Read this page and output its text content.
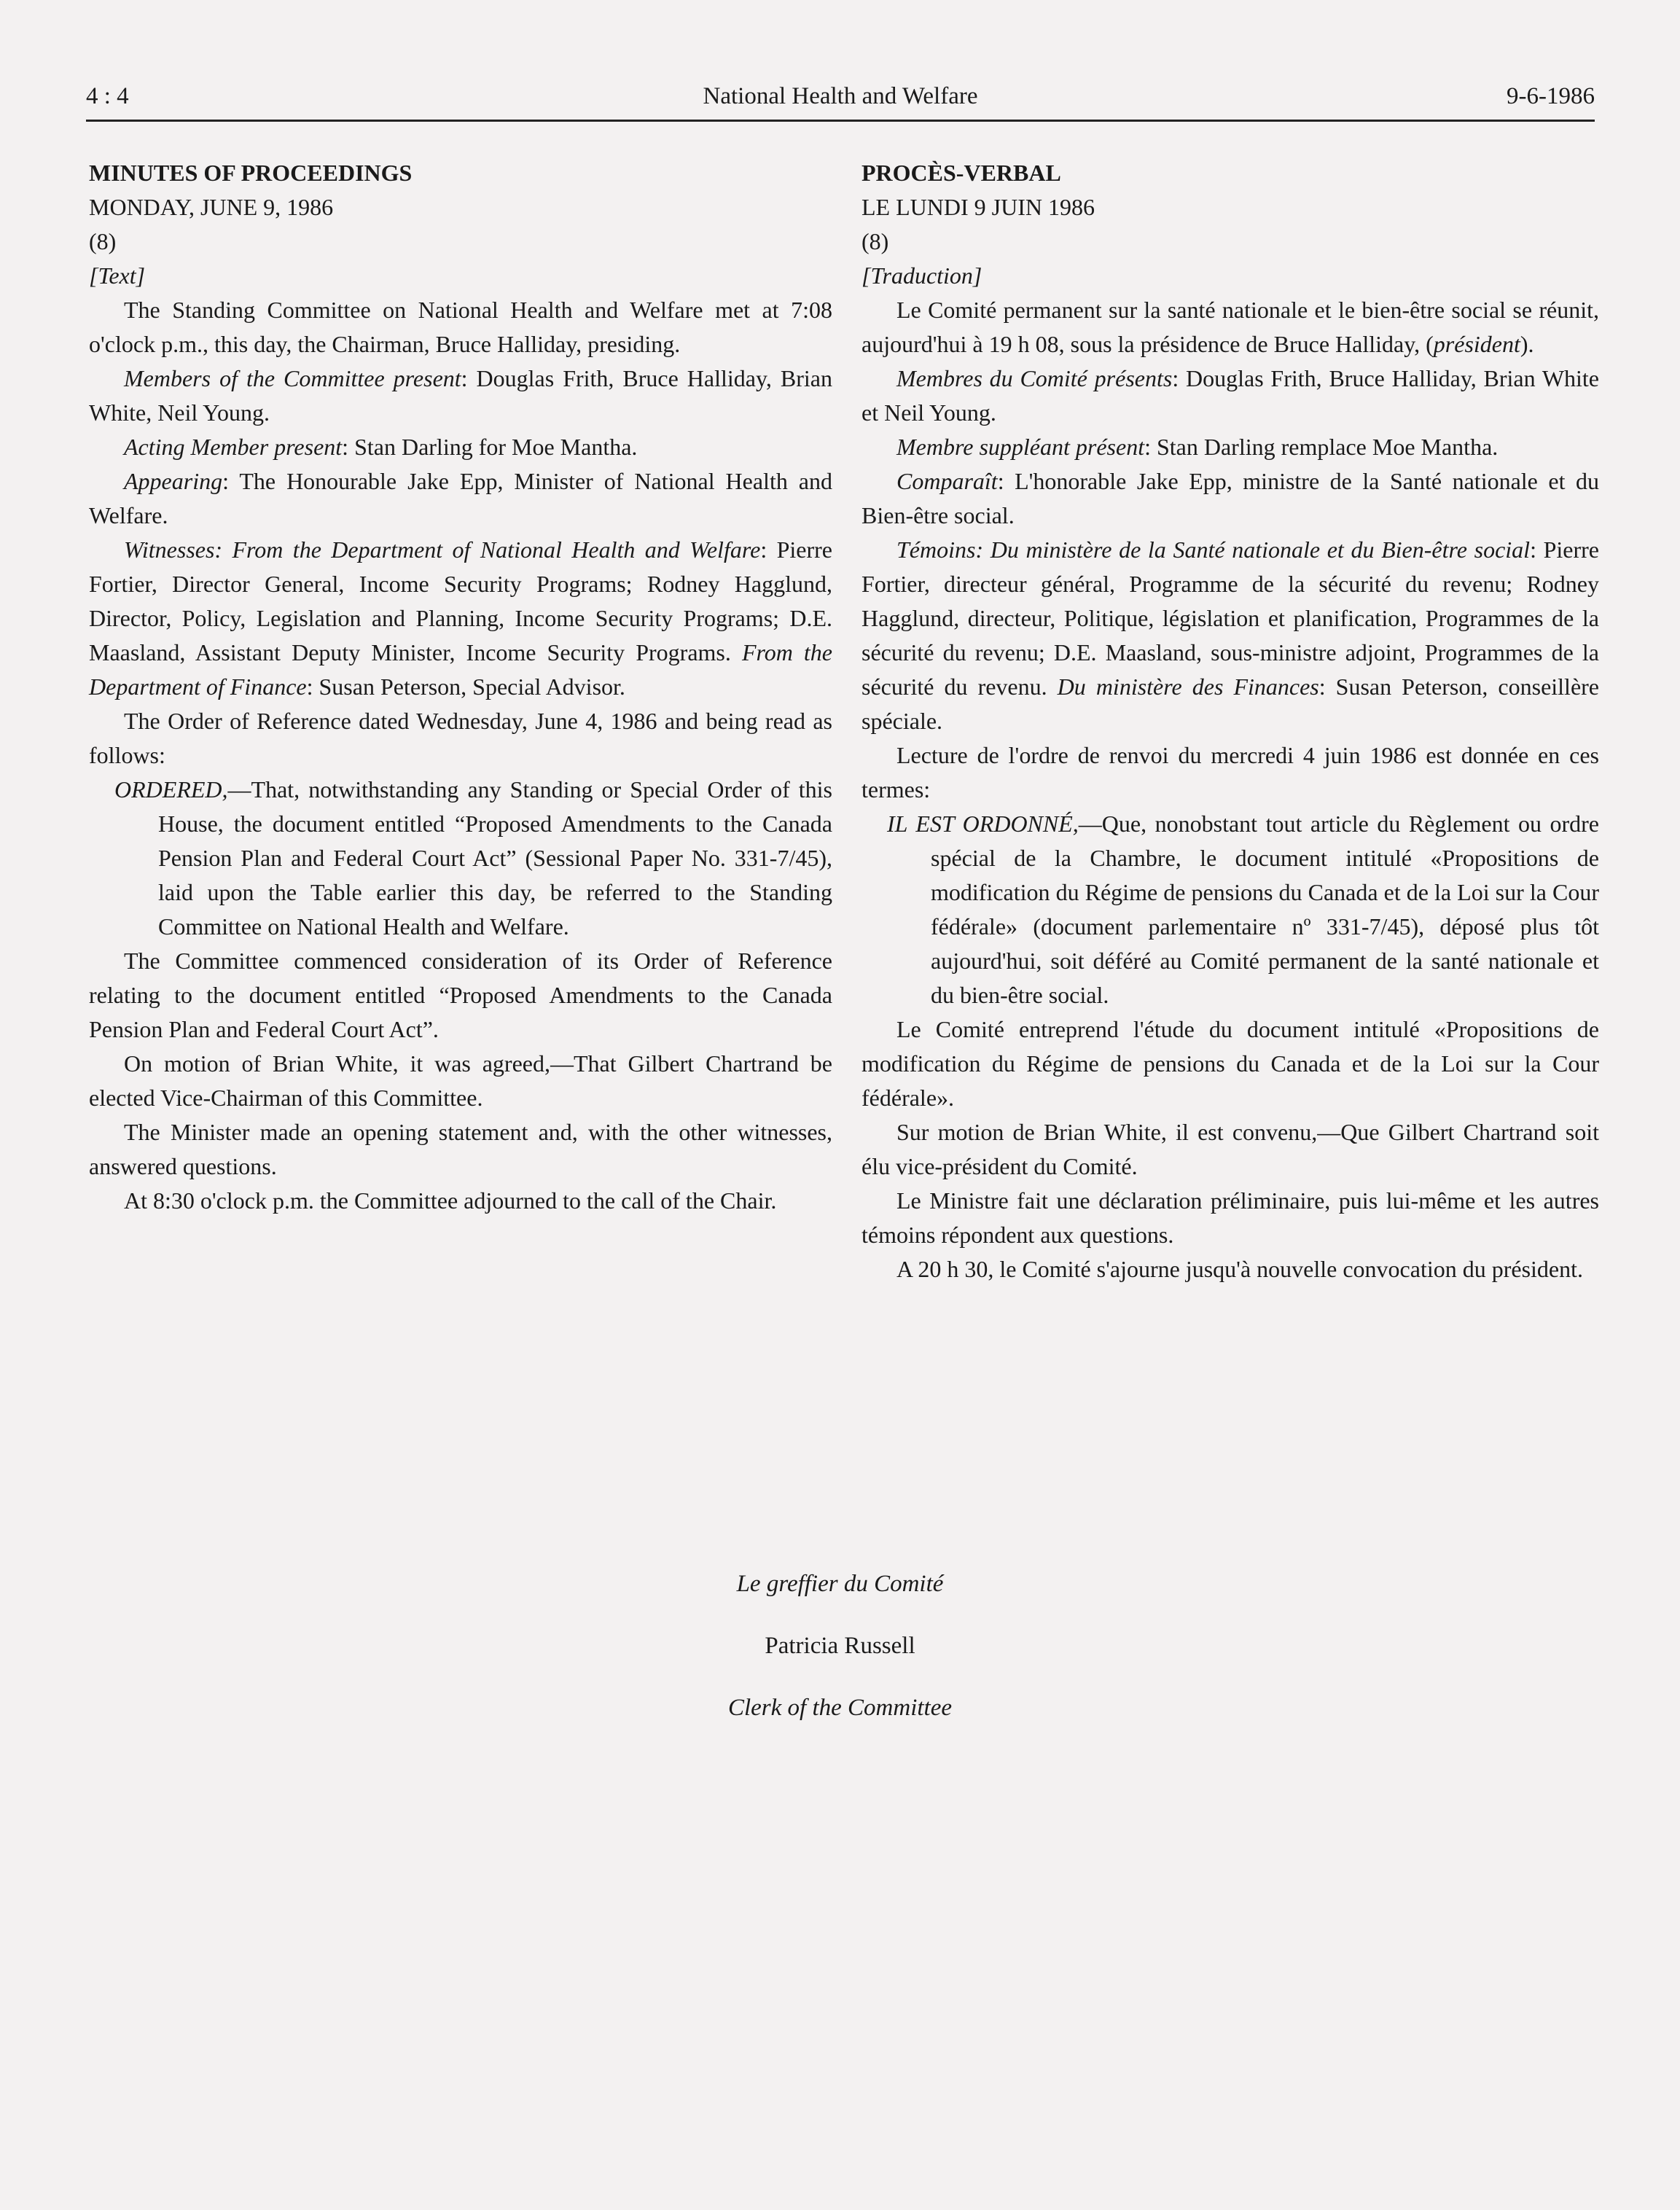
4 : 4	National Health and Welfare	9-6-1986

MINUTES OF PROCEEDINGS

MONDAY, JUNE 9, 1986

(8)

[Text]

The Standing Committee on National Health and Welfare met at 7:08 o'clock p.m., this day, the Chairman, Bruce Halliday, presiding.

Members of the Committee present: Douglas Frith, Bruce Halliday, Brian White, Neil Young.

Acting Member present: Stan Darling for Moe Mantha.

Appearing: The Honourable Jake Epp, Minister of National Health and Welfare.

Witnesses: From the Department of National Health and Welfare: Pierre Fortier, Director General, Income Security Programs; Rodney Hagglund, Director, Policy, Legislation and Planning, Income Security Programs; D.E. Maasland, Assistant Deputy Minister, Income Security Programs. From the Department of Finance: Susan Peterson, Special Advisor.

The Order of Reference dated Wednesday, June 4, 1986 and being read as follows:

ORDERED,—That, notwithstanding any Standing or Special Order of this House, the document entitled “Proposed Amendments to the Canada Pension Plan and Federal Court Act” (Sessional Paper No. 331-7/45), laid upon the Table earlier this day, be referred to the Standing Committee on National Health and Welfare.

The Committee commenced consideration of its Order of Reference relating to the document entitled “Proposed Amendments to the Canada Pension Plan and Federal Court Act”.

On motion of Brian White, it was agreed,—That Gilbert Chartrand be elected Vice-Chairman of this Committee.

The Minister made an opening statement and, with the other witnesses, answered questions.

At 8:30 o'clock p.m. the Committee adjourned to the call of the Chair.

PROCÈS-VERBAL

LE LUNDI 9 JUIN 1986

(8)

[Traduction]

Le Comité permanent sur la santé nationale et le bien-être social se réunit, aujourd'hui à 19 h 08, sous la présidence de Bruce Halliday, (président).

Membres du Comité présents: Douglas Frith, Bruce Halliday, Brian White et Neil Young.

Membre suppléant présent: Stan Darling remplace Moe Mantha.

Comparaît: L'honorable Jake Epp, ministre de la Santé nationale et du Bien-être social.

Témoins: Du ministère de la Santé nationale et du Bien-être social: Pierre Fortier, directeur général, Programme de la sécurité du revenu; Rodney Hagglund, directeur, Politique, législation et planification, Programmes de la sécurité du revenu; D.E. Maasland, sous-ministre adjoint, Programmes de la sécurité du revenu. Du ministère des Finances: Susan Peterson, conseillère spéciale.

Lecture de l'ordre de renvoi du mercredi 4 juin 1986 est donnée en ces termes:

IL EST ORDONNÉ,—Que, nonobstant tout article du Règlement ou ordre spécial de la Chambre, le document intitulé «Propositions de modification du Régime de pensions du Canada et de la Loi sur la Cour fédérale» (document parlementaire nº 331-7/45), déposé plus tôt aujourd'hui, soit déféré au Comité permanent de la santé nationale et du bien-être social.

Le Comité entreprend l'étude du document intitulé «Propositions de modification du Régime de pensions du Canada et de la Loi sur la Cour fédérale».

Sur motion de Brian White, il est convenu,—Que Gilbert Chartrand soit élu vice-président du Comité.

Le Ministre fait une déclaration préliminaire, puis lui-même et les autres témoins répondent aux questions.

A 20 h 30, le Comité s'ajourne jusqu'à nouvelle convocation du président.

Le greffier du Comité
Patricia Russell
Clerk of the Committee
